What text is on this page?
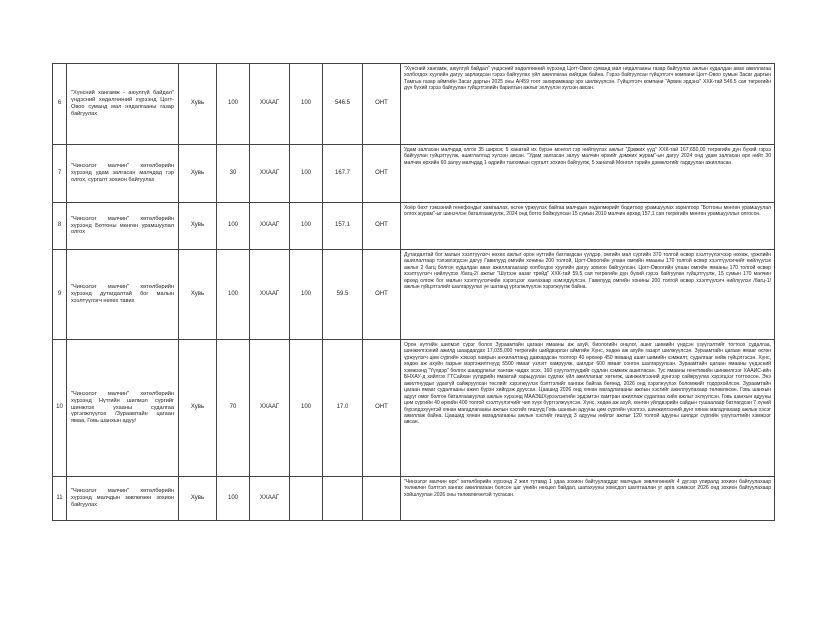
6	"Хүнсний хангамж - аюулгүй байдал" үндэсний хөдөлгөөний хүрээнд Цогт-Овоо суманд мал нядалгааны газар байгуулах	Хувь	100	ХХААГ	100	546.5	ОНТ	"Хүнсний хангамж, аюулгүй байдал" үндэсний хөдөлгөөний хүрээнд Цогт-Овоо суманд мал нядалгааны газар байгуулах ажлын худалдан авах ажиллагаа холбогдох хуулийн дагуу зарлагдсан гэрээ байгуулах үйл ажиллагаа хийгдэж байна. Гэрээ байгуулсан гүйцэтгэгч компани Цогт-Овоо сумын Засаг даргын Тамгын газар аймгийн Засаг даргын 2025 оны А/459 тоот захирамжаар эрх шилжүүлсэн. Гүйцэтгэгч компани "Арвин эрдэнэ" ХХК-тай 546.5 сая төгрөгийн дүн бүхий гэрээ байгуулан гүйцэтгэлийн барилгын ажлыг эхлүүлэн хүлээн авсан.
7	"Чинээлэг малчин" хөтөлбөрийн хүрээнд удам залгасан малчдад гэр олгох, сургалт зохион байгуулах	Хувь	30	ХХААГ	100	167.7	ОНТ	Удам залгасан малчдад олгох 35 ширхэг, 5 ханатай их бүрэн монгол гэр нийлүүлэх ажлыг "Дэвжих үүд" ХХК-тай 167,650,00 төгрөгийн дүн бүхий гэрээ байгуулан гүйцэтгүүлж, ашиглалтад хүлээн авсан. "Удам залгасан залуу малчин өрхийг дэмжих журам"-ын дагуу 2024 онд удам залгасан өрх нийт 30 малчин өрхийн 60 залуу малчдад 1 өдрийн танхимын сургалт зохион байгуулж, 5 ханатай Монгол гэрийн дэмжлэгийг гардуулан ажилласан.
8	"Чинээлэг малчин" хөтөлбөрийн хүрээнд Ботгоны мөнгөн урамшуулал олгох	Хувь	100	ХХААГ	100	157.1	ОНТ	Хоёр бөхт тэмээний генефондыг хамгаалах, өсгөн үржүүлэх байгаа малчдын хөдөлмөрийг бодитоор урамшуулах зорилгоор "Ботгоны мөнгөн урамшуулал олгох журам"-ыг шинэчлэн баталгаажуулж, 2024 онд ботго бойжуулсан 15 сумын 2010 малчин өрхөд 157,1 сая төгрөгийн мөнгөн урамшууллыг олгосон.
9	"Чинээлэг малчин" хөтөлбөрийн хүрээнд дутагдалтай бог малын хээлтүүлэгч нөхөх тавих	Хувь	100	ХХААГ	100	59.5	ОНТ	Дутагдалтай бог малын хээлтүүлэгч нөхөх ажлыг орон нутгийн батлагдсан үүлдэр, омгийн мал сүргийн 370 толгой өсвөр хээлтүүлэгчээр нөхөж, үржлийн ашиглалтаар тэлэвлэгдсэн дагуу Гавилууд омгийн хонины 200 толгой, Цогт-Овоогийн улаан омгийн ямааны 170 толгой өсвөр хээлтүүлэгчийг нийлүүлэх ажлыг 2 багц болгон худалдан авах ажиллагаагаар холбогдох хуулийн дагуу зохион байгуулсан. Цогт-Овоогийн улаан омгийн ямааны 170 толгой өсвөр хээлтүүлэгч нийлүүлэх /багц-2/ ажлыг "Шүтээн аазаг трейд" ХХК-тай 59,5 сая төгрөгийн дүн бүхий гэрээ байгуулан гүйцэтгүүлж, 15 сумын 170 малчин өрхөд олгож бог малын хээлтүүлэгчийн хэрэгцээг хангахаар нэмэгдүүлсэн. Гавилууд омгийн хонины 200 толгой өсвөр хээлтүүлэгч нийлүүлэх /багц-1/ ажлын гүйцэтгэлийг шалгаруулах үе шатанд үргэлжлүүлэн хэрэгжүүлж байна.
10	"Чинээлэг малчин" хөтөлбөрийн хүрээнд Нүтгийн шилмэл сүргийг шинжлэх ухааны судалгаа үргэлжлүүлэх /Зураамтайн цагаан ямаа, Говь шанхын адуу/	Хувь	70	ХХААГ	100	17.0	ОНТ	Орон нутгийн шилмэл сүрэг болох Зураамтайн цагаан ямааны аж ахуй, биологийн онцлог, ашиг шимийн үндсэн үзүүлэлтийг тогтоох судалгаа, шинжилгээний ажилд шаардагдах 17,035,000 төгрөгийн шийдвэрлэн аймгийн Хүнс, хөдөө аж ахуйн газарт шилжүүлсэн. Зураамтайн цагаан ямааг өсгөн үржүүлэгч цөм сүргийн хэвээр хамрын анхилалтанд давхардсан тоогоор 40 өрхөөр 450 ямаанд ашиг шимийн хэмжилт, судалгааг хийж гүйцэтгэсэн. Хүнс, хөдөө аж ахуйн газрын мэргэжилтнүүд 5500 ямааг үзлэгт хамруулж, шилдэг 600 ямааг сонгон шалгаруулсан. Зураамтайн цагаан ямааны үндэсний хэмжээнд "Үүлдэр" болгох шаардлагыг хангаж чадах эсэх, 160 үзүүлэлтүүдийг судлан хэмжиж ашигласан. Тус ямааны генетикийн шинжилгээг ХААИС-ийн БНХАУ-д хийлгэх ГТСайхан үүлдрийн ямаатай харьцуулан судлах үйл ажиллагааг хөтөлж, шинжилгээний дүнгээр сайжруулах хэрэгцээг тогтоосон. Энэ ажилтнуудыг удахгүй сайжруулсан төслийг хэрэгжүүлэх бэлтгэлийг хангаж байгаа бөгөөд, 2026 онд хэрэгжүүлэх боломжийг тодорхойлсон. Зураамтайн цагаан ямааг судалгааны ажил бүрэн хийгдэж дууссан. Цаашид 2026 онд хянан магадлагааны ажлын хэсгийг ажиллуулахаар төлөвлөсөн. Говь шанхын адууг омог болгон баталгаажуулах ажлын хүрээнд МААЭШХүрээлэнгийн эрдэмтэн хамтран ажиллаж судалгаа хийх ажлыг эхлүүлсэн. Говь шанхын адууны цөм сүргийн 40 өрхийн 400 толгой хээлтүүлэгчийг чип хүүх бүртгэлжүүлсэн. Хүнс, хөдөө аж ахуй, хөнгөн үйлдвэрийн сайдын тушаалаар батлагдсан 7 хүний бүрэлдэхүүнтэй хянан магадлагааны ажлын хэсгийг гишүүд Говь шанхын адууны цөм сүргийн үнэлгээ, шинжилгээний дүнг хянан магадлахаар ажлын хэсэг ажиллаж байна. Цаашид хянан магадлагааны ажлын хэсгийг гишүүд 3 адууны нийлэг ажлыг 120 толгой адууны шилдэг сүргийн үзүүлэлтийн хэмжээг авсан.
11	"Чинээлэг малчин" хөтөлбөрийн хүрээнд малчдын зөвлөгөөн зохион байгуулах	Хувь	100	ХХААГ				"Чинээлэг малчин өрх" хөтөлбөрийн хүрээнд 2 жил тутамд 1 удаа зохион байгуулагддаг малчдын зөвлөгөөнийг 4 дүгээр улиралд зохион байгуулахаар төлөвлөн бэлтгэл хангах ажиллагаан болсон цаг үеийн нөхцөл байдал, шатахууны хомсдол шалтгаалан уг арга хэмжээг 2026 онд зохион байгуулахаар хойшлуулан 2026 оны төлөвлөгөөтэй тусгасан.
